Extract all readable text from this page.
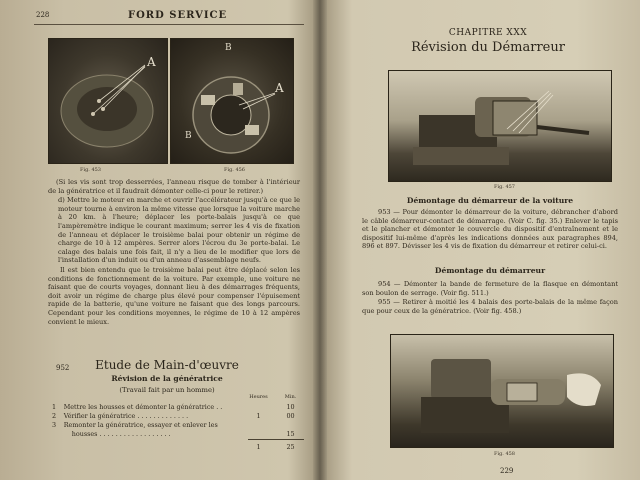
228	FORD SERVICE
A
Fig. 453
B
A
B
Fig. 456

(Si les vis sont trop desserrées, l'anneau risque de tomber à l'intérieur de la génératrice et il faudrait démonter celle-ci pour le retirer.)

d) Mettre le moteur en marche et ouvrir l'accélérateur jusqu'à ce que le moteur tourne à environ la même vitesse que lorsque la voiture marche à 20 km. à l'heure; déplacer les porte-balais jusqu'à ce que l'ampèremètre indique le courant maximum; serrer les 4 vis de fixation de l'anneau et déplacer le troisième balai pour obtenir un régime de charge de 10 à 12 ampères. Serrer alors l'écrou du 3e porte-balai. Le calage des balais une fois fait, il n'y a lieu de le modifier que lors de l'installation d'un induit ou d'un anneau d'assemblage neufs.

Il est bien entendu que le troisième balai peut être déplacé selon les conditions de fonctionnement de la voiture. Par exemple, une voiture ne faisant que de courts voyages, donnant lieu à des démarrages fréquents, doit avoir un régime de charge plus élevé pour compenser l'épuisement rapide de la batterie, qu'une voiture ne faisant que des longs parcours. Cependant pour les conditions moyennes, le régime de 10 à 12 ampères convient le mieux.

952 Etude de Main-d'œuvre
Révision de la génératrice
(Travail fait par un homme)
		Heures	Min.
1	Mettre les housses et démonter la génératrice . .		10
2	Vérifier la génératrice . . . . . . . . . . . . .	1	00
3	Remonter la génératrice, essayer et enlever les		
	housses . . . . . . . . . . . . . . . . . .		15

		1	25
CHAPITRE XXX
Révision du Démarreur
Fig. 457
Démontage du démarreur de la voiture
953 — Pour démonter le démarreur de la voiture, débrancher d'abord le câble démarreur-contact de démarrage. (Voir C. fig. 35.) Enlever le tapis et le plancher et démonter le couvercle du dispositif d'entraînement et le dispositif lui-même d'après les indications données aux paragraphes 894, 896 et 897. Dévisser les 4 vis de fixation du démarreur et retirer celui-ci.
Démontage du démarreur
954 — Démonter la bande de fermeture de la flasque en démontant son boulon de serrage. (Voir fig. 511.)
955 — Retirer à moitié les 4 balais des porte-balais de la même façon que pour ceux de la génératrice. (Voir fig. 458.)
Fig. 458
229
